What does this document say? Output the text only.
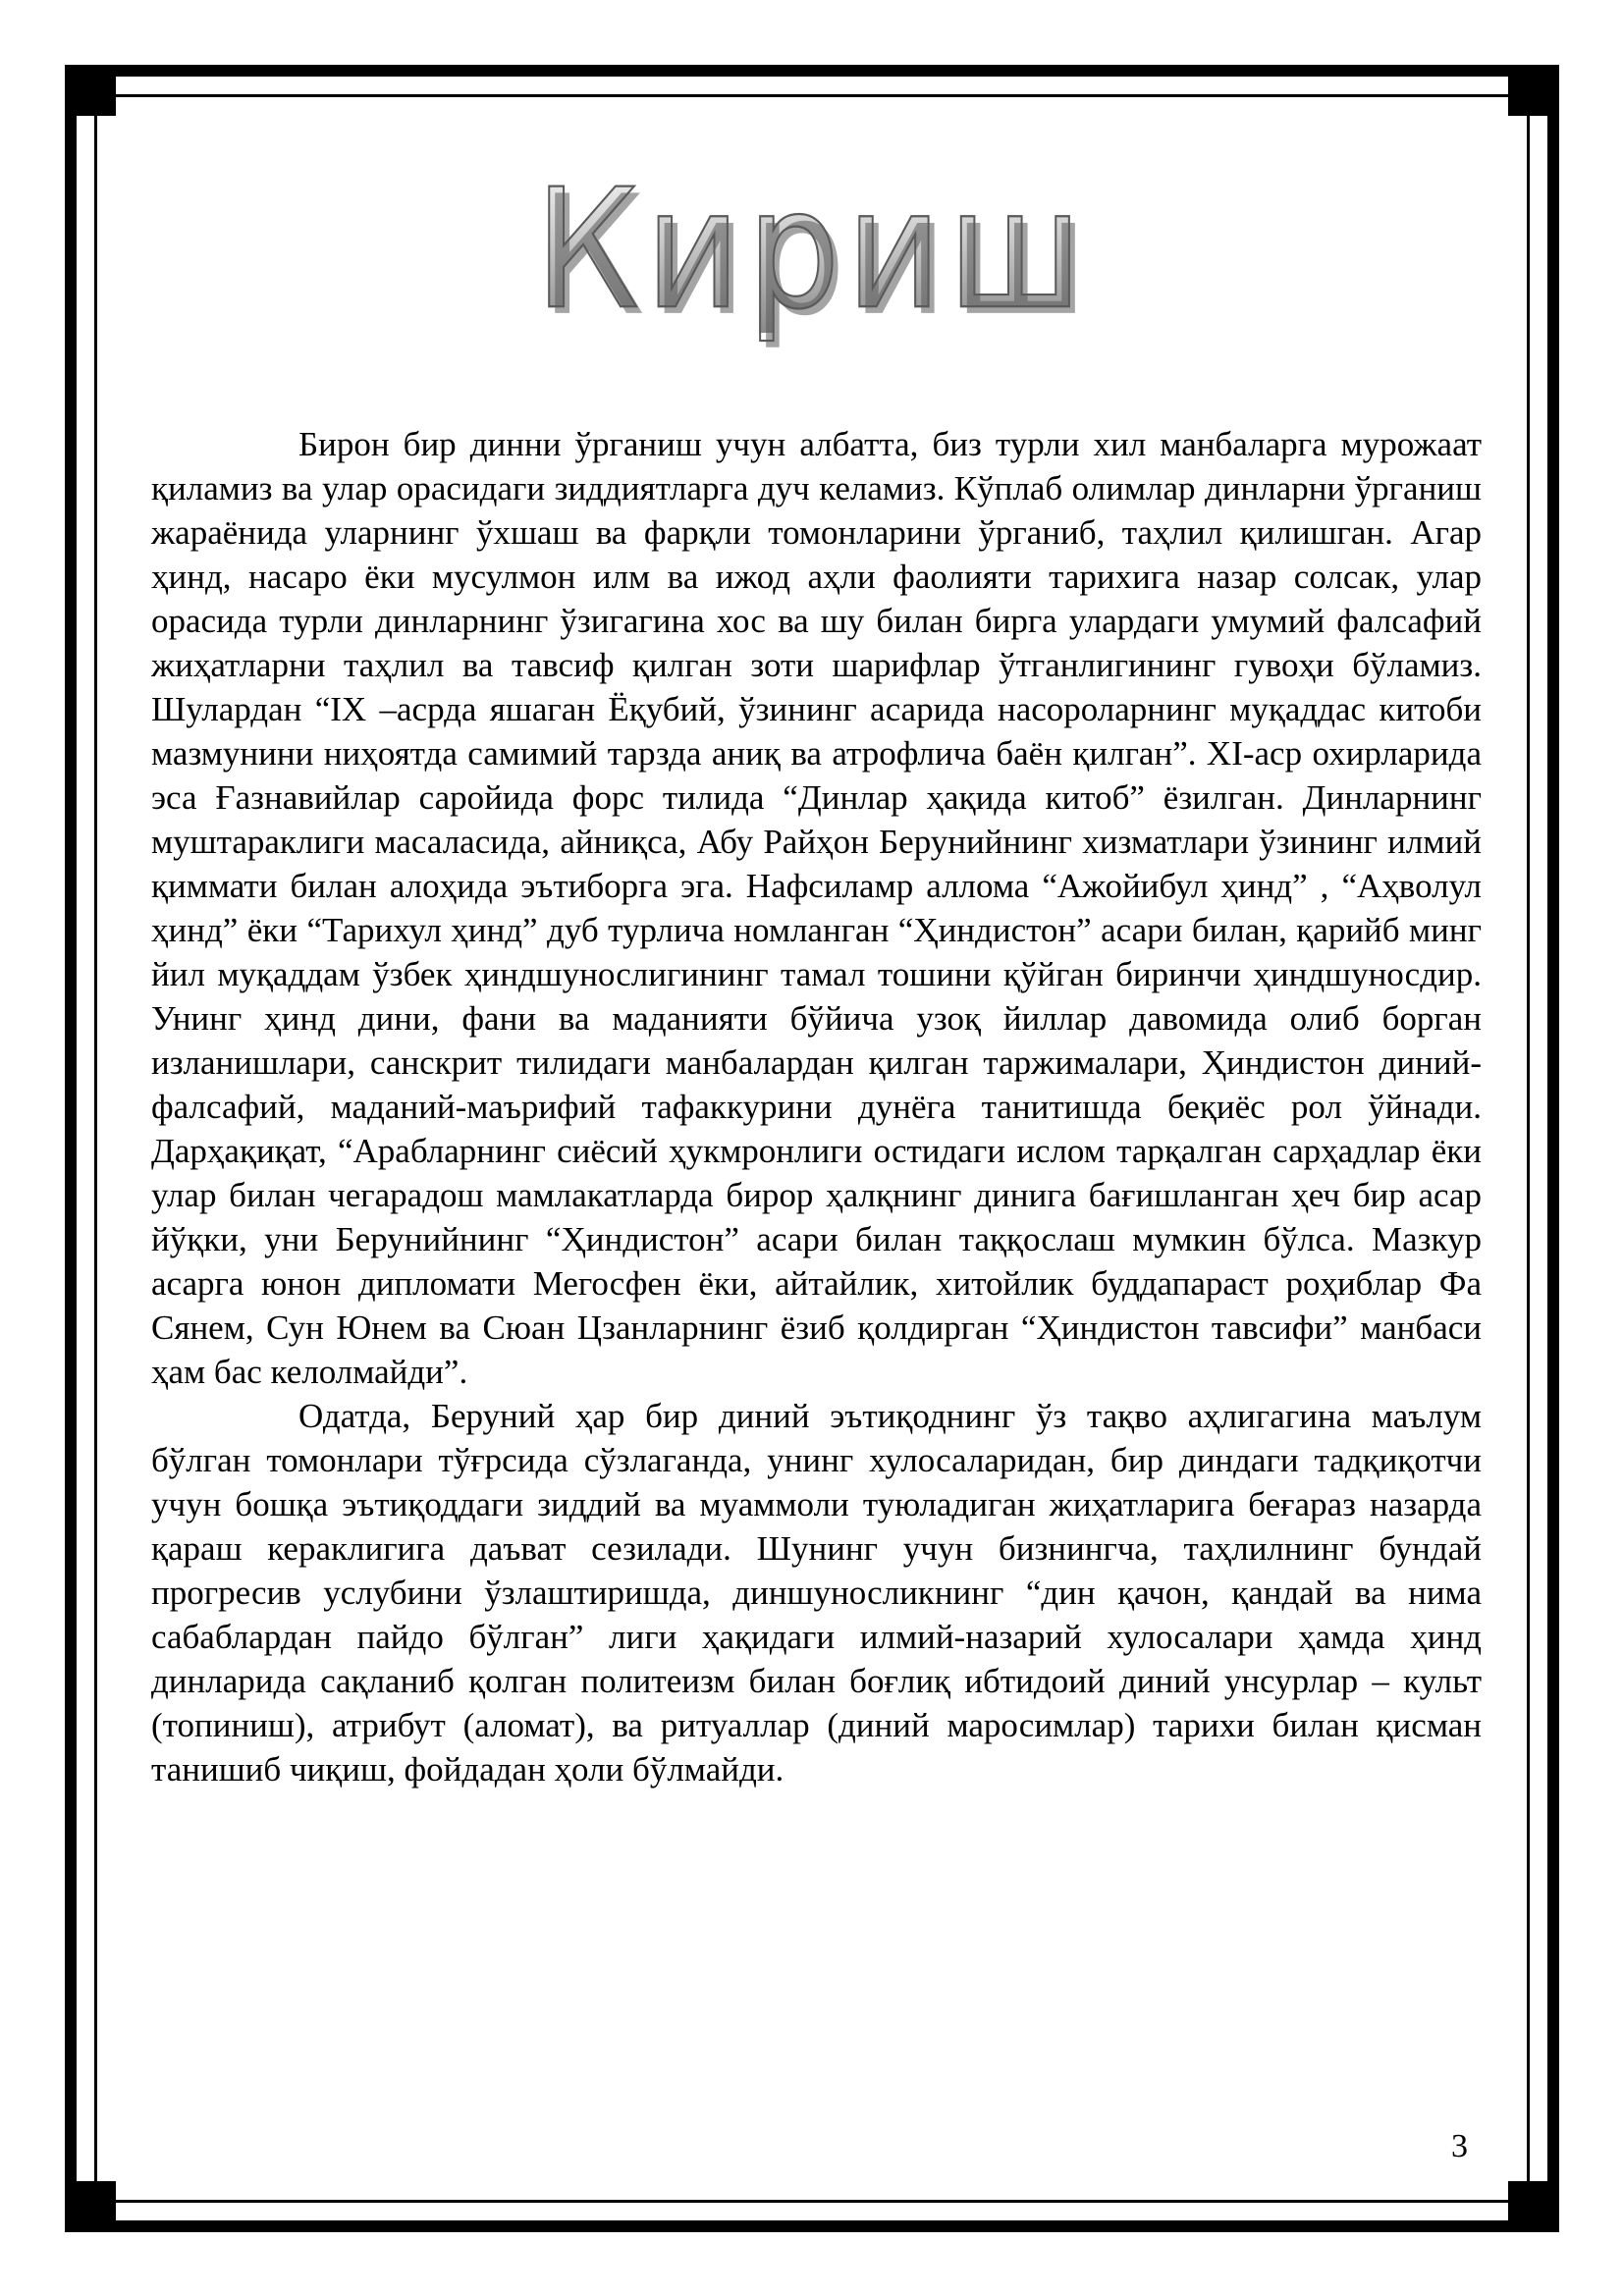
Кириш

Бирон бир динни ўрганиш учун албатта, биз турли хил манбаларга мурожаат қиламиз ва улар орасидаги зиддиятларга дуч келамиз. Кўплаб олимлар динларни ўрганиш жараёнида уларнинг ўхшаш ва фарқли томонларини ўрганиб, таҳлил қилишган. Агар ҳинд, насаро ёки мусулмон илм ва ижод аҳли фаолияти тарихига назар солсак, улар орасида турли динларнинг ўзигагина хос ва шу билан бирга улардаги умумий фалсафий жиҳатларни таҳлил ва тавсиф қилган зоти шарифлар ўтганлигининг гувоҳи бўламиз. Шулардан “IX –асрда яшаган Ёқубий, ўзининг асарида насороларнинг муқаддас китоби мазмунини ниҳоятда самимий тарзда аниқ ва атрофлича баён қилган”. XI-аср охирларида эса Ғазнавийлар саройида форс тилида “Динлар ҳақида китоб” ёзилган. Динларнинг муштараклиги масаласида, айниқса, Абу Райҳон Берунийнинг хизматлари ўзининг илмий қиммати билан алоҳида эътиборга эга. Нафсиламр аллома “Ажойибул ҳинд” , “Аҳволул ҳинд” ёки “Тарихул ҳинд” дуб турлича номланган “Ҳиндистон” асари билан, қарийб минг йил муқаддам ўзбек ҳиндшунослигининг тамал тошини қўйган биринчи ҳиндшуносдир. Унинг ҳинд дини, фани ва маданияти бўйича узоқ йиллар давомида олиб борган изланишлари, санскрит тилидаги манбалардан қилган таржималари, Ҳиндистон диний-фалсафий, маданий-маърифий тафаккурини дунёга танитишда беқиёс рол ўйнади. Дарҳақиқат, “Арабларнинг сиёсий ҳукмронлиги остидаги ислом тарқалган сарҳадлар ёки улар билан чегарадош мамлакатларда бирор ҳалқнинг динига бағишланган ҳеч бир асар йўқки, уни Берунийнинг “Ҳиндистон” асари билан таққослаш мумкин бўлса. Мазкур асарга юнон дипломати Мегосфен ёки, айтайлик, хитойлик буддапараст роҳиблар Фа Сянем, Сун Юнем ва Сюан Цзанларнинг ёзиб қолдирган “Ҳиндистон тавсифи” манбаси ҳам бас келолмайди”.

Одатда, Беруний ҳар бир диний эътиқоднинг ўз тақво аҳлигагина маълум бўлган томонлари тўғрсида сўзлаганда, унинг хулосаларидан, бир диндаги тадқиқотчи учун бошқа эътиқоддаги зиддий ва муаммоли туюладиган жиҳатларига беғараз назарда қараш кераклигига даъват сезилади. Шунинг учун бизнингча, таҳлилнинг бундай прогресив услубини ўзлаштиришда, диншуносликнинг “дин қачон, қандай ва нима сабаблардан пайдо бўлган” лиги ҳақидаги илмий-назарий хулосалари ҳамда ҳинд динларида сақланиб қолган политеизм билан боғлиқ ибтидоий диний унсурлар – культ (топиниш), атрибут (аломат), ва ритуаллар (диний маросимлар) тарихи билан қисман танишиб чиқиш, фойдадан ҳоли бўлмайди.

3
